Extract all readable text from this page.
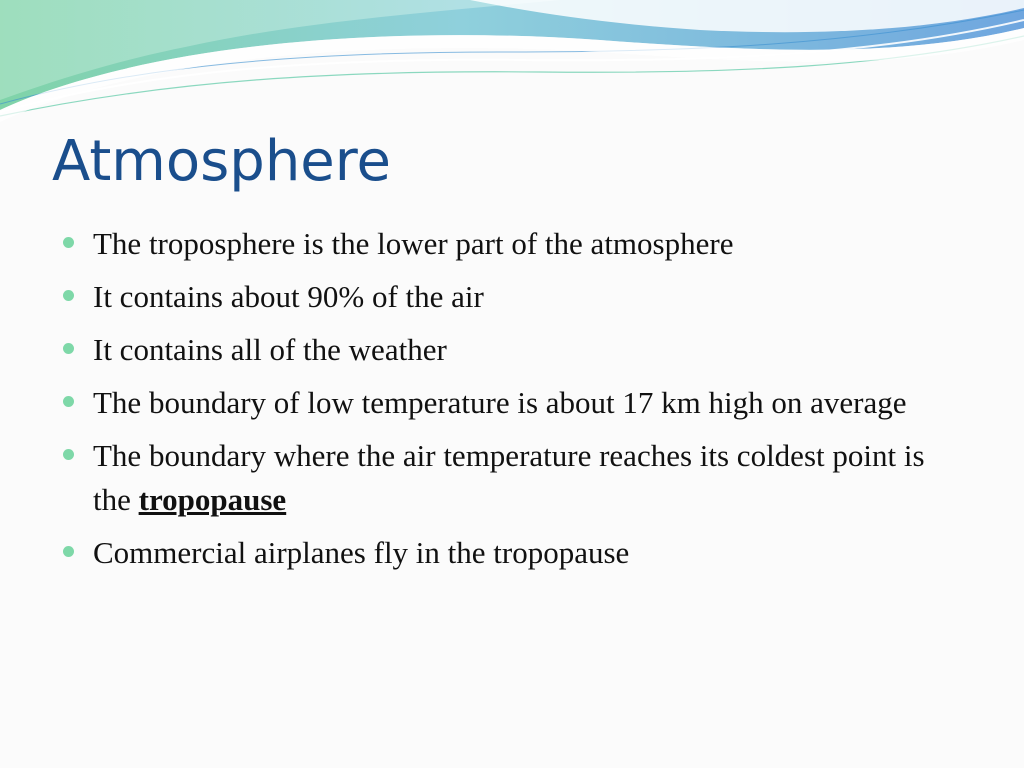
Atmosphere
The troposphere is the lower part of the atmosphere
It contains about 90% of the air
It contains all of the weather
The boundary of low temperature is about 17 km high on average
The boundary where the air temperature reaches its coldest point is the tropopause
Commercial airplanes fly in the tropopause
